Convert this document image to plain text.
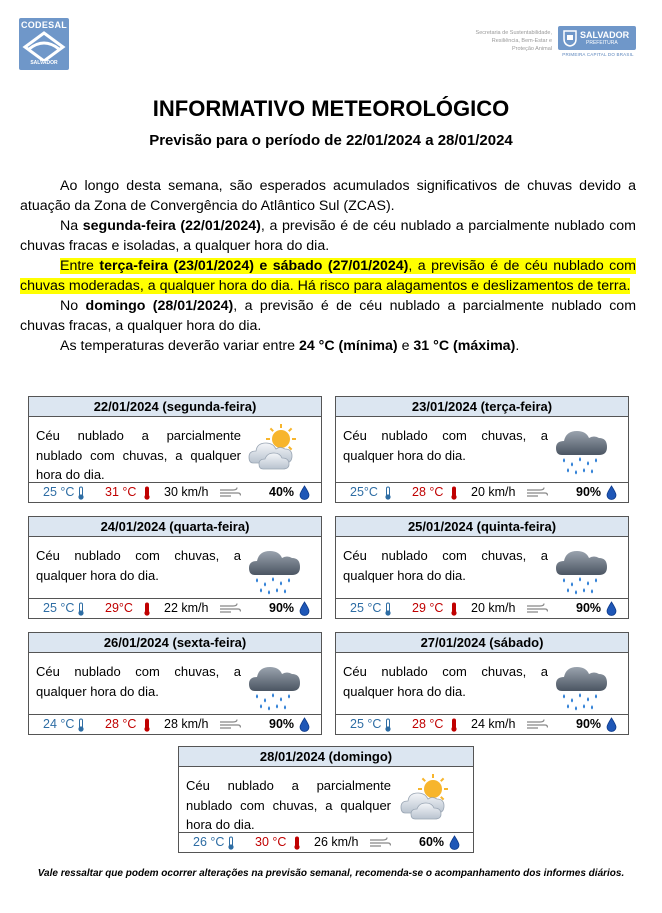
CODESAL
SALVADOR
Secretaria de Sustentabilidade,
Resiliência, Bem-Estar e
Proteção Animal
SALVADOR
PREFEITURA
PRIMEIRA CAPITAL DO BRASIL
INFORMATIVO METEOROLÓGICO
Previsão para o período de 22/01/2024 a 28/01/2024

Ao longo desta semana, são esperados acumulados significativos de chuvas devido a atuação da Zona de Convergência do Atlântico Sul (ZCAS).

Na segunda-feira (22/01/2024), a previsão é de céu nublado a parcialmente nublado com chuvas fracas e isoladas, a qualquer hora do dia.

Entre terça-feira (23/01/2024) e sábado (27/01/2024), a previsão é de céu nublado com chuvas moderadas, a qualquer hora do dia. Há risco para alagamentos e deslizamentos de terra.

No domingo (28/01/2024), a previsão é de céu nublado a parcialmente nublado com chuvas fracas, a qualquer hora do dia.

As temperaturas deverão variar entre 24 °C (mínima) e 31 °C (máxima).

22/01/2024 (segunda-feira)
Céu nublado a parcialmente nublado com chuvas, a qualquer hora do dia.
25 °C 31 °C 30 km/h	40%
23/01/2024 (terça-feira)
Céu nublado com chuvas, a qualquer hora do dia.
25°C	28 °C 20 km/h	90%
24/01/2024 (quarta-feira)
Céu nublado com chuvas, a qualquer hora do dia.
25 °C 29°C 22 km/h	90%
25/01/2024 (quinta-feira)
Céu nublado com chuvas, a qualquer hora do dia.
25 °C 29 °C 20 km/h	90%
26/01/2024 (sexta-feira)
Céu nublado com chuvas, a qualquer hora do dia.
24 °C 28 °C 28 km/h	90%
27/01/2024 (sábado)
Céu nublado com chuvas, a qualquer hora do dia.
25 °C 28 °C 24 km/h	90%
28/01/2024 (domingo)
Céu nublado a parcialmente nublado com chuvas, a qualquer hora do dia.
26 °C 30 °C 26 km/h	60%
Vale ressaltar que podem ocorrer alterações na previsão semanal, recomenda-se o acompanhamento dos informes diários.
